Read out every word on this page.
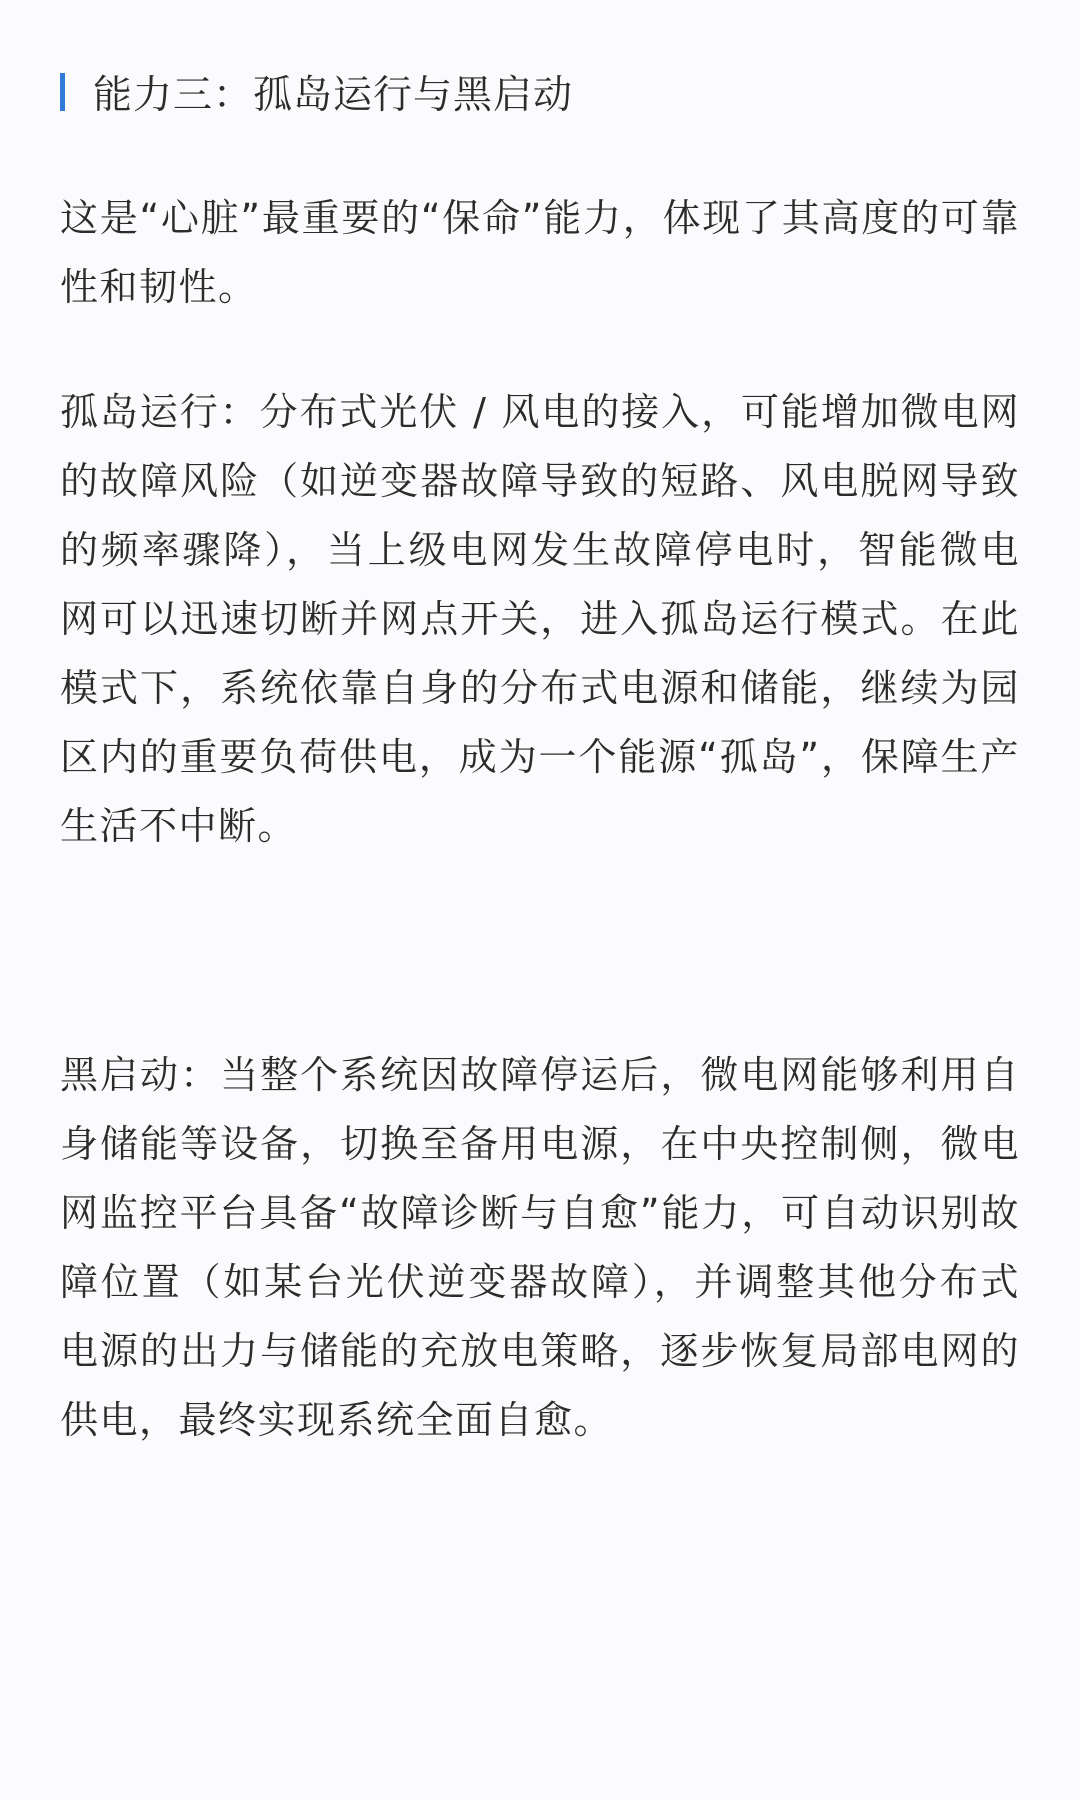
能力三：孤岛运行与黑启动

这是“心脏”最重要的“保命”能力，体现了其高度的可靠性和韧性。

孤岛运行：分布式光伏 / 风电的接入，可能增加微电网的故障风险（如逆变器故障导致的短路、风电脱网导致的频率骤降），当上级电网发生故障停电时，智能微电网可以迅速切断并网点开关，进入孤岛运行模式。在此模式下，系统依靠自身的分布式电源和储能，继续为园区内的重要负荷供电，成为一个能源“孤岛”，保障生产生活不中断。

黑启动：当整个系统因故障停运后，微电网能够利用自身储能等设备，切换至备用电源，在中央控制侧，微电网监控平台具备“故障诊断与自愈”能力，可自动识别故障位置（如某台光伏逆变器故障），并调整其他分布式电源的出力与储能的充放电策略，逐步恢复局部电网的供电，最终实现系统全面自愈。
